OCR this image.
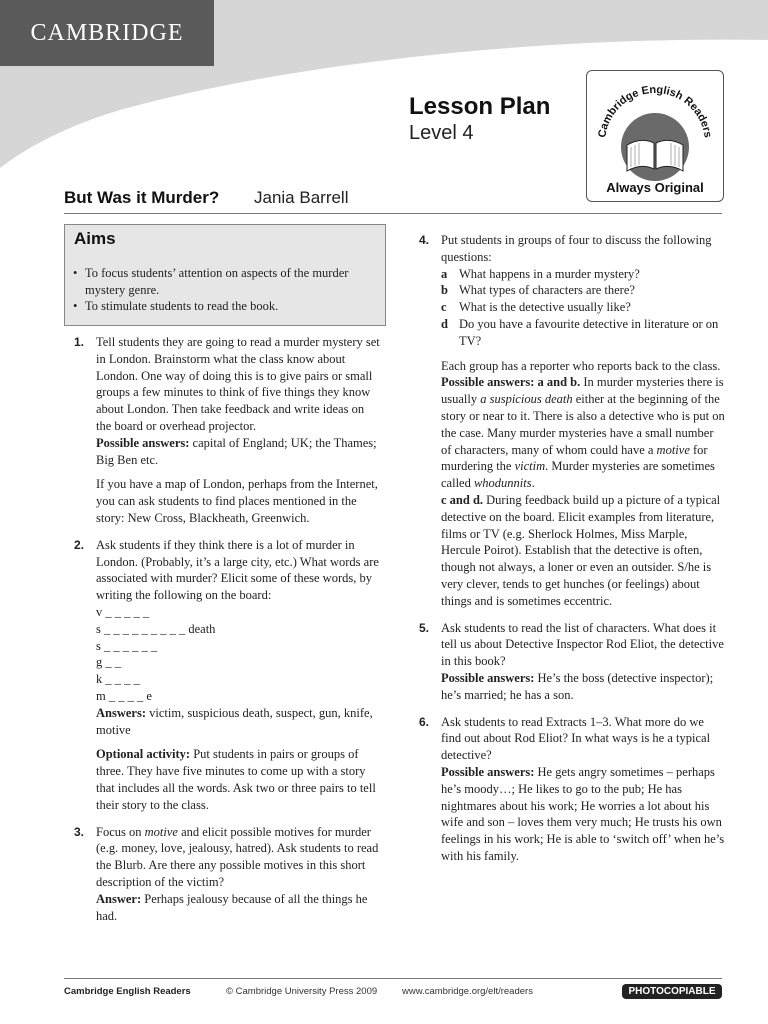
CAMBRIDGE
Lesson Plan
Level 4	Cambridge English Readers
Always Original
But Was it Murder? Jania Barrell
Aims
• To focus students’ attention on aspects of the murder mystery genre.
• To stimulate students to read the book.
1. Tell students they are going to read a murder mystery set in London. Brainstorm what the class know about London. One way of doing this is to give pairs or small groups a few minutes to think of five things they know about London. Then take feedback and write ideas on the board or overhead projector.
Possible answers: capital of England; UK; the Thames; Big Ben etc.
If you have a map of London, perhaps from the Internet, you can ask students to find places mentioned in the story: New Cross, Blackheath, Greenwich.
2. Ask students if they think there is a lot of murder in London. (Probably, it’s a large city, etc.) What words are associated with murder? Elicit some of these words, by writing the following on the board:
v _ _ _ _ _
s _ _ _ _ _ _ _ _ _ death
s _ _ _ _ _ _
g _ _
k _ _ _ _
m _ _ _ _ e
Answers: victim, suspicious death, suspect, gun, knife, motive
Optional activity: Put students in pairs or groups of three. They have five minutes to come up with a story that includes all the words. Ask two or three pairs to tell their story to the class.
3. Focus on motive and elicit possible motives for murder (e.g. money, love, jealousy, hatred). Ask students to read the Blurb. Are there any possible motives in this short description of the victim?
Answer: Perhaps jealousy because of all the things he had.
4. Put students in groups of four to discuss the following questions:
a What happens in a murder mystery?
b What types of characters are there?
c What is the detective usually like?
d Do you have a favourite detective in literature or on TV?
Each group has a reporter who reports back to the class.
Possible answers: a and b. In murder mysteries there is usually a suspicious death either at the beginning of the story or near to it. There is also a detective who is put on the case. Many murder mysteries have a small number of characters, many of whom could have a motive for murdering the victim. Murder mysteries are sometimes called whodunnits.
c and d. During feedback build up a picture of a typical detective on the board. Elicit examples from literature, films or TV (e.g. Sherlock Holmes, Miss Marple, Hercule Poirot). Establish that the detective is often, though not always, a loner or even an outsider. S/he is very clever, tends to get hunches (or feelings) about things and is sometimes eccentric.
5. Ask students to read the list of characters. What does it tell us about Detective Inspector Rod Eliot, the detective in this book?
Possible answers: He’s the boss (detective inspector); he’s married; he has a son.
6. Ask students to read Extracts 1–3. What more do we find out about Rod Eliot? In what ways is he a typical detective?
Possible answers: He gets angry sometimes – perhaps he’s moody…; He likes to go to the pub; He has nightmares about his work; He worries a lot about his wife and son – loves them very much; He trusts his own feelings in his work; He is able to ‘switch off’ when he’s with his family.
Cambridge English Readers	© Cambridge University Press 2009	www.cambridge.org/elt/readers	PHOTOCOPIABLE
